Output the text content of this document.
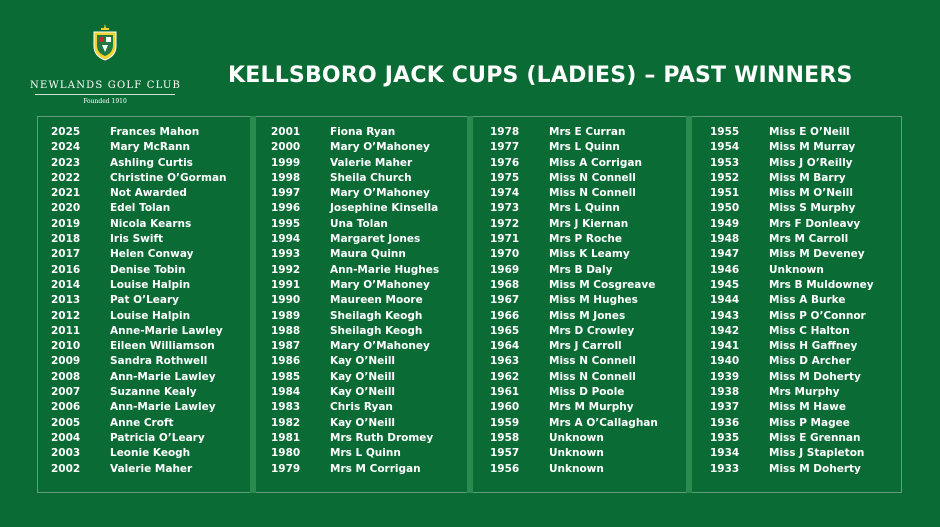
NEWLANDS GOLF CLUB
Founded 1910
KELLSBORO JACK CUPS (LADIES) – PAST WINNERS
2025	Frances Mahon
2024	Mary McRann
2023	Ashling Curtis
2022	Christine O’Gorman
2021	Not Awarded
2020	Edel Tolan
2019	Nicola Kearns
2018	Iris Swift
2017	Helen Conway
2016	Denise Tobin
2014	Louise Halpin
2013	Pat O’Leary
2012	Louise Halpin
2011	Anne-Marie Lawley
2010	Eileen Williamson
2009	Sandra Rothwell
2008	Ann-Marie Lawley
2007	Suzanne Kealy
2006	Ann-Marie Lawley
2005	Anne Croft
2004	Patricia O’Leary
2003	Leonie Keogh
2002	Valerie Maher
2001	Fiona Ryan
2000	Mary O’Mahoney
1999	Valerie Maher
1998	Sheila Church
1997	Mary O’Mahoney
1996	Josephine Kinsella
1995	Una Tolan
1994	Margaret Jones
1993	Maura Quinn
1992	Ann-Marie Hughes
1991	Mary O’Mahoney
1990	Maureen Moore
1989	Sheilagh Keogh
1988	Sheilagh Keogh
1987	Mary O’Mahoney
1986	Kay O’Neill
1985	Kay O’Neill
1984	Kay O’Neill
1983	Chris Ryan
1982	Kay O’Neill
1981	Mrs Ruth Dromey
1980	Mrs L Quinn
1979	Mrs M Corrigan
1978	Mrs E Curran
1977	Mrs L Quinn
1976	Miss A Corrigan
1975	Miss N Connell
1974	Miss N Connell
1973	Mrs L Quinn
1972	Mrs J Kiernan
1971	Mrs P Roche
1970	Miss K Leamy
1969	Mrs B Daly
1968	Miss M Cosgreave
1967	Miss M Hughes
1966	Miss M Jones
1965	Mrs D Crowley
1964	Mrs J Carroll
1963	Miss N Connell
1962	Miss N Connell
1961	Miss D Poole
1960	Mrs M Murphy
1959	Mrs A O’Callaghan
1958	Unknown
1957	Unknown
1956	Unknown
1955	Miss E O’Neill
1954	Miss M Murray
1953	Miss J O’Reilly
1952	Miss M Barry
1951	Miss M O’Neill
1950	Miss S Murphy
1949	Mrs F Donleavy
1948	Mrs M Carroll
1947	Miss M Deveney
1946	Unknown
1945	Mrs B Muldowney
1944	Miss A Burke
1943	Miss P O’Connor
1942	Miss C Halton
1941	Miss H Gaffney
1940	Miss D Archer
1939	Miss M Doherty
1938	Mrs Murphy
1937	Miss M Hawe
1936	Miss P Magee
1935	Miss E Grennan
1934	Miss J Stapleton
1933	Miss M Doherty
